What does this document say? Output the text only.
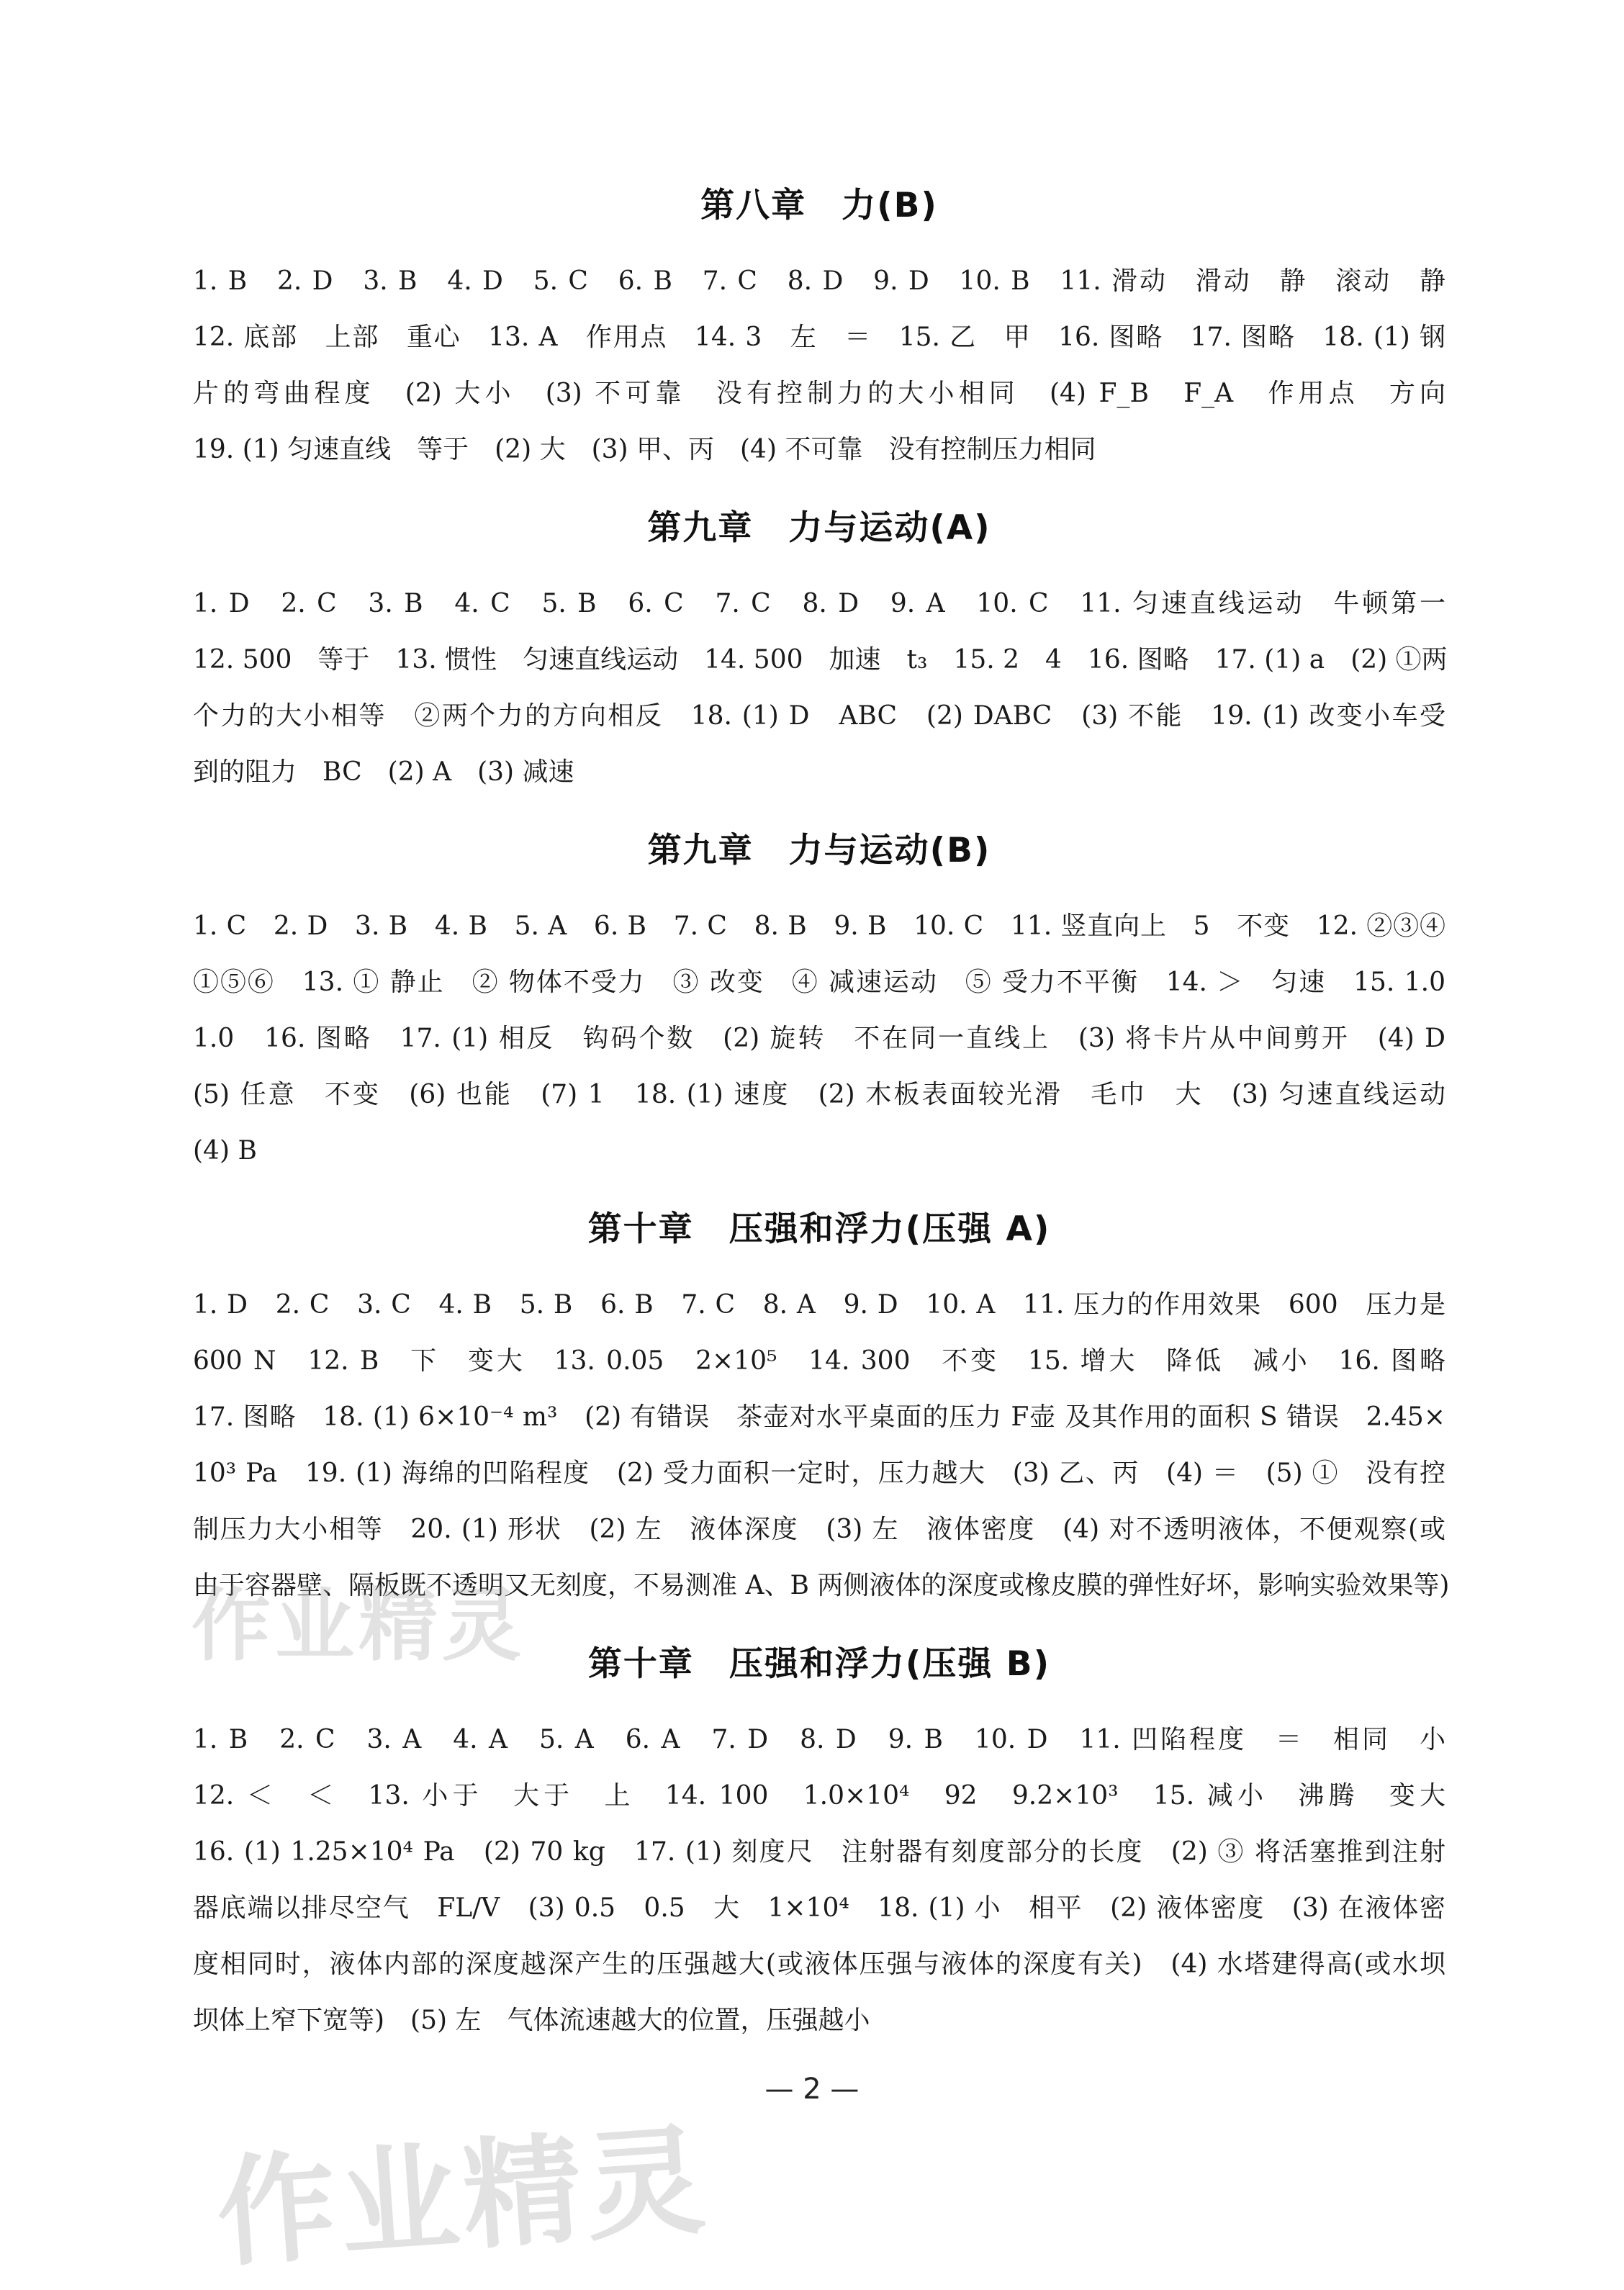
第八章　力(B)
1. B　2. D　3. B　4. D　5. C　6. B　7. C　8. D　9. D　10. B　11. 滑动　滑动　静　滚动　静
12. 底部　上部　重心　13. A　作用点　14. 3　左　＝　15. 乙　甲　16. 图略　17. 图略　18. (1) 钢
片的弯曲程度　(2) 大小　(3) 不可靠　没有控制力的大小相同　(4) F_B　F_A　作用点　方向
19. (1) 匀速直线　等于　(2) 大　(3) 甲、丙　(4) 不可靠　没有控制压力相同
第九章　力与运动(A)
1. D　2. C　3. B　4. C　5. B　6. C　7. C　8. D　9. A　10. C　11. 匀速直线运动　牛顿第一
12. 500　等于　13. 惯性　匀速直线运动　14. 500　加速　t₃　15. 2　4　16. 图略　17. (1) a　(2) ①两
个力的大小相等　②两个力的方向相反　18. (1) D　ABC　(2) DABC　(3) 不能　19. (1) 改变小车受
到的阻力　BC　(2) A　(3) 减速
第九章　力与运动(B)
1. C　2. D　3. B　4. B　5. A　6. B　7. C　8. B　9. B　10. C　11. 竖直向上　5　不变　12. ②③④
①⑤⑥　13. ① 静止　② 物体不受力　③ 改变　④ 减速运动　⑤ 受力不平衡　14. ＞　匀速　15. 1.0
1.0　16. 图略　17. (1) 相反　钩码个数　(2) 旋转　不在同一直线上　(3) 将卡片从中间剪开　(4) D
(5) 任意　不变　(6) 也能　(7) 1　18. (1) 速度　(2) 木板表面较光滑　毛巾　大　(3) 匀速直线运动
(4) B
第十章　压强和浮力(压强 A)
1. D　2. C　3. C　4. B　5. B　6. B　7. C　8. A　9. D　10. A　11. 压力的作用效果　600　压力是
600 N　12. B　下　变大　13. 0.05　2×10⁵　14. 300　不变　15. 增大　降低　减小　16. 图略
17. 图略　18. (1) 6×10⁻⁴ m³　(2) 有错误　茶壶对水平桌面的压力 F壶 及其作用的面积 S 错误　2.45×
10³ Pa　19. (1) 海绵的凹陷程度　(2) 受力面积一定时，压力越大　(3) 乙、丙　(4) ＝　(5) ①　没有控
制压力大小相等　20. (1) 形状　(2) 左　液体深度　(3) 左　液体密度　(4) 对不透明液体，不便观察(或
由于容器壁、隔板既不透明又无刻度，不易测准 A、B 两侧液体的深度或橡皮膜的弹性好坏，影响实验效果等)
第十章　压强和浮力(压强 B)
1. B　2. C　3. A　4. A　5. A　6. A　7. D　8. D　9. B　10. D　11. 凹陷程度　＝　相同　小
12. ＜　＜　13. 小于　大于　上　14. 100　1.0×10⁴　92　9.2×10³　15. 减小　沸腾　变大
16. (1) 1.25×10⁴ Pa　(2) 70 kg　17. (1) 刻度尺　注射器有刻度部分的长度　(2) ③ 将活塞推到注射
器底端以排尽空气　FL/V　(3) 0.5　0.5　大　1×10⁴　18. (1) 小　相平　(2) 液体密度　(3) 在液体密
度相同时，液体内部的深度越深产生的压强越大(或液体压强与液体的深度有关)　(4) 水塔建得高(或水坝
坝体上窄下宽等)　(5) 左　气体流速越大的位置，压强越小
作业精灵
作业精灵
— 2 —
